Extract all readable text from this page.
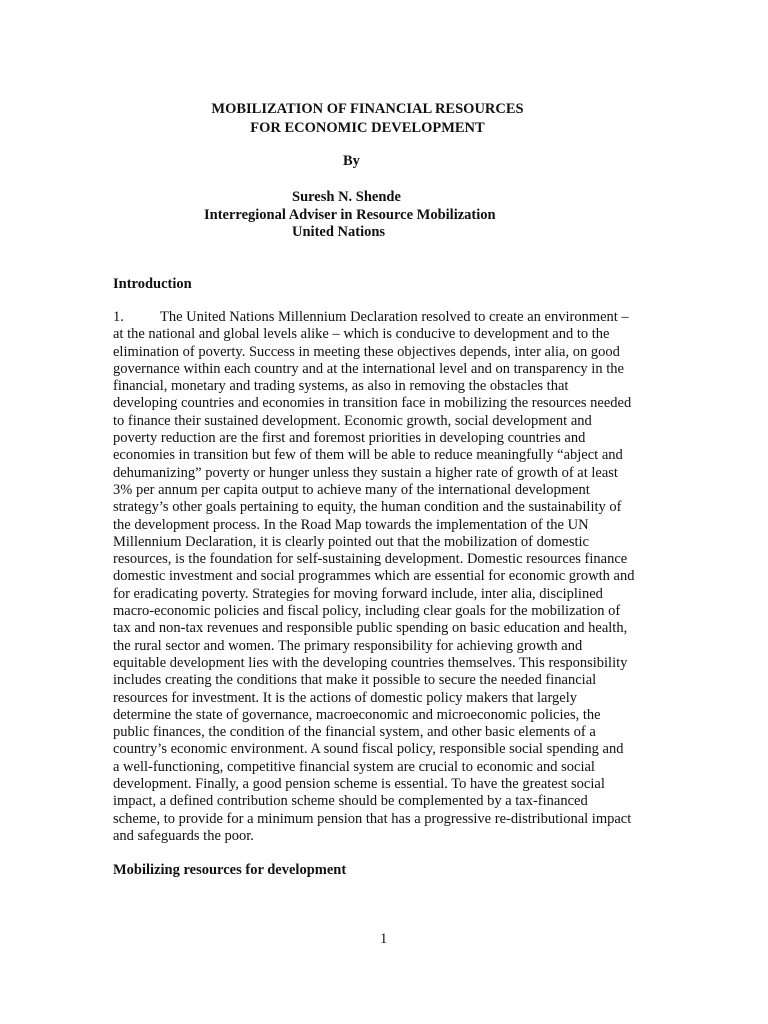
MOBILIZATION OF FINANCIAL RESOURCES
FOR ECONOMIC DEVELOPMENT
By
Suresh N. Shende
Interregional Adviser in Resource Mobilization
United Nations
Introduction
1. The United Nations Millennium Declaration resolved to create an environment –
at the national and global levels alike – which is conducive to development and to the
elimination of poverty. Success in meeting these objectives depends, inter alia, on good
governance within each country and at the international level and on transparency in the
financial, monetary and trading systems, as also in removing the obstacles that
developing countries and economies in transition face in mobilizing the resources needed
to finance their sustained development. Economic growth, social development and
poverty reduction are the first and foremost priorities in developing countries and
economies in transition but few of them will be able to reduce meaningfully “abject and
dehumanizing” poverty or hunger unless they sustain a higher rate of growth of at least
3% per annum per capita output to achieve many of the international development
strategy’s other goals pertaining to equity, the human condition and the sustainability of
the development process. In the Road Map towards the implementation of the UN
Millennium Declaration, it is clearly pointed out that the mobilization of domestic
resources, is the foundation for self-sustaining development. Domestic resources finance
domestic investment and social programmes which are essential for economic growth and
for eradicating poverty. Strategies for moving forward include, inter alia, disciplined
macro-economic policies and fiscal policy, including clear goals for the mobilization of
tax and non-tax revenues and responsible public spending on basic education and health,
the rural sector and women. The primary responsibility for achieving growth and
equitable development lies with the developing countries themselves. This responsibility
includes creating the conditions that make it possible to secure the needed financial
resources for investment. It is the actions of domestic policy makers that largely
determine the state of governance, macroeconomic and microeconomic policies, the
public finances, the condition of the financial system, and other basic elements of a
country’s economic environment. A sound fiscal policy, responsible social spending and
a well-functioning, competitive financial system are crucial to economic and social
development. Finally, a good pension scheme is essential. To have the greatest social
impact, a defined contribution scheme should be complemented by a tax-financed
scheme, to provide for a minimum pension that has a progressive re-distributional impact
and safeguards the poor.
Mobilizing resources for development
1
